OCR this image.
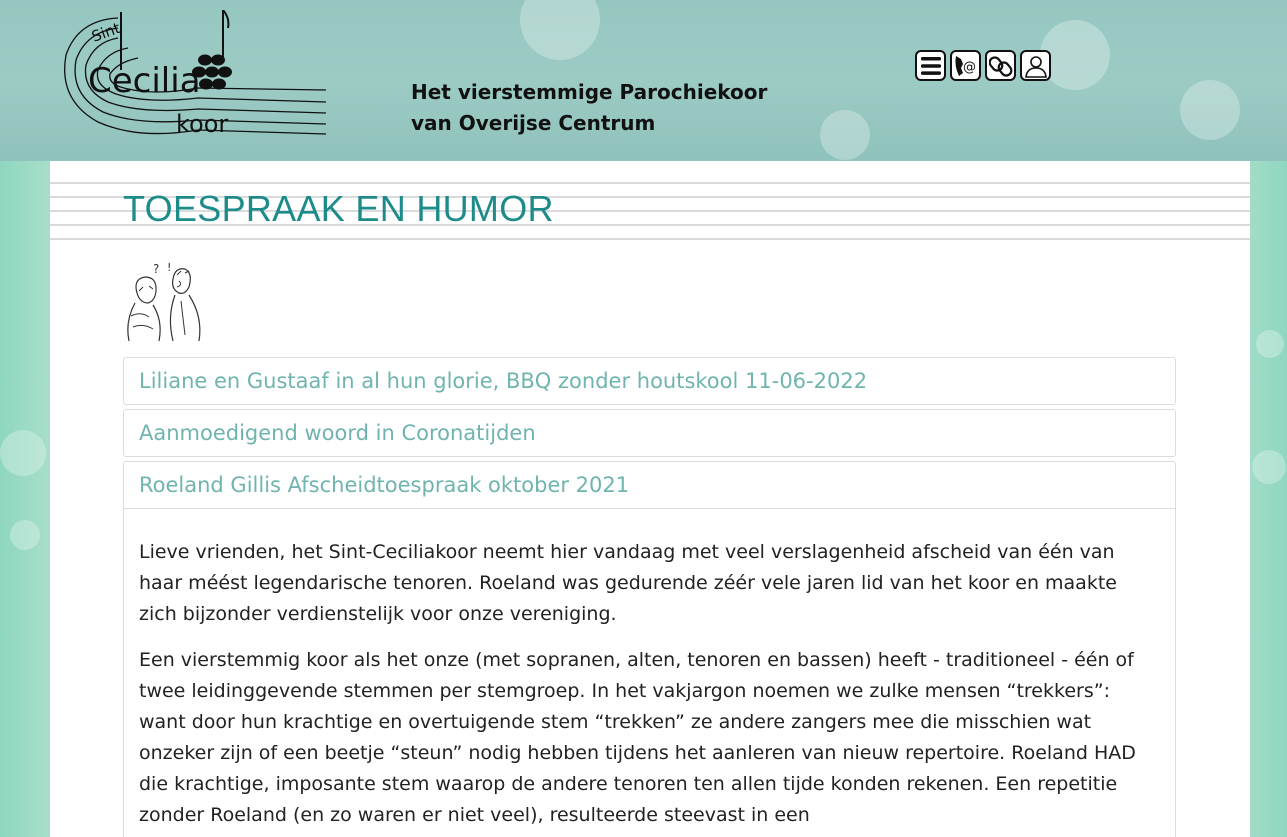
Sint
Cecilia
koor
Het vierstemmige Parochiekoor
van Overijse Centrum
@
TOESPRAAK EN HUMOR
? !
Liliane en Gustaaf in al hun glorie, BBQ zonder houtskool 11-06-2022
Aanmoedigend woord in Coronatijden
Roeland Gillis Afscheidtoespraak oktober 2021

Lieve vrienden, het Sint-Ceciliakoor neemt hier vandaag met veel verslagenheid afscheid van één van haar méést legendarische tenoren. Roeland was gedurende zéér vele jaren lid van het koor en maakte zich bijzonder verdienstelijk voor onze vereniging.

Een vierstemmig koor als het onze (met sopranen, alten, tenoren en bassen) heeft - traditioneel - één of twee leidinggevende stemmen per stemgroep. In het vakjargon noemen we zulke mensen “trekkers”: want door hun krachtige en overtuigende stem “trekken” ze andere zangers mee die misschien wat onzeker zijn of een beetje “steun” nodig hebben tijdens het aanleren van nieuw repertoire. Roeland HAD die krachtige, imposante stem waarop de andere tenoren ten allen tijde konden rekenen. Een repetitie zonder Roeland (en zo waren er niet veel), resulteerde steevast in een
